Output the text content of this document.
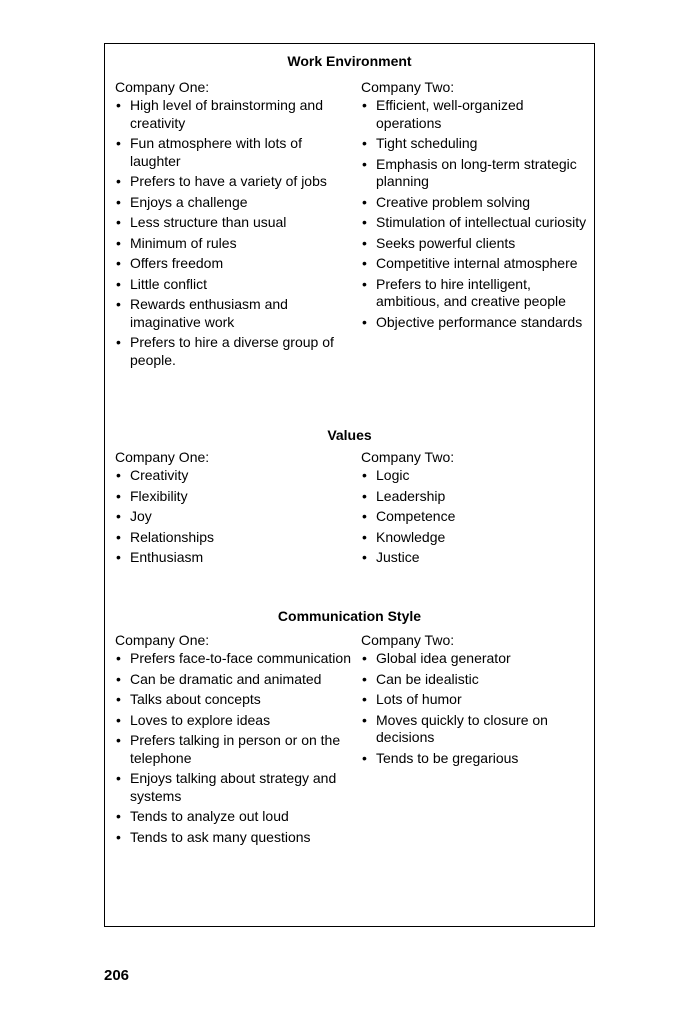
Work Environment

Company One:

• High level of brainstorming and creativity
• Fun atmosphere with lots of laughter
• Prefers to have a variety of jobs
• Enjoys a challenge
• Less structure than usual
• Minimum of rules
• Offers freedom
• Little conflict
• Rewards enthusiasm and imaginative work
• Prefers to hire a diverse group of people.

Company Two:

• Efficient, well-organized operations
• Tight scheduling
• Emphasis on long-term strategic planning
• Creative problem solving
• Stimulation of intellectual curiosity
• Seeks powerful clients
• Competitive internal atmosphere
• Prefers to hire intelligent, ambitious, and creative people
• Objective performance standards
Values

Company One:

• Creativity
• Flexibility
• Joy
• Relationships
• Enthusiasm

Company Two:

• Logic
• Leadership
• Competence
• Knowledge
• Justice
Communication Style

Company One:

• Prefers face-to-face communication
• Can be dramatic and animated
• Talks about concepts
• Loves to explore ideas
• Prefers talking in person or on the telephone
• Enjoys talking about strategy and systems
• Tends to analyze out loud
• Tends to ask many questions

Company Two:

• Global idea generator
• Can be idealistic
• Lots of humor
• Moves quickly to closure on decisions
• Tends to be gregarious
206
